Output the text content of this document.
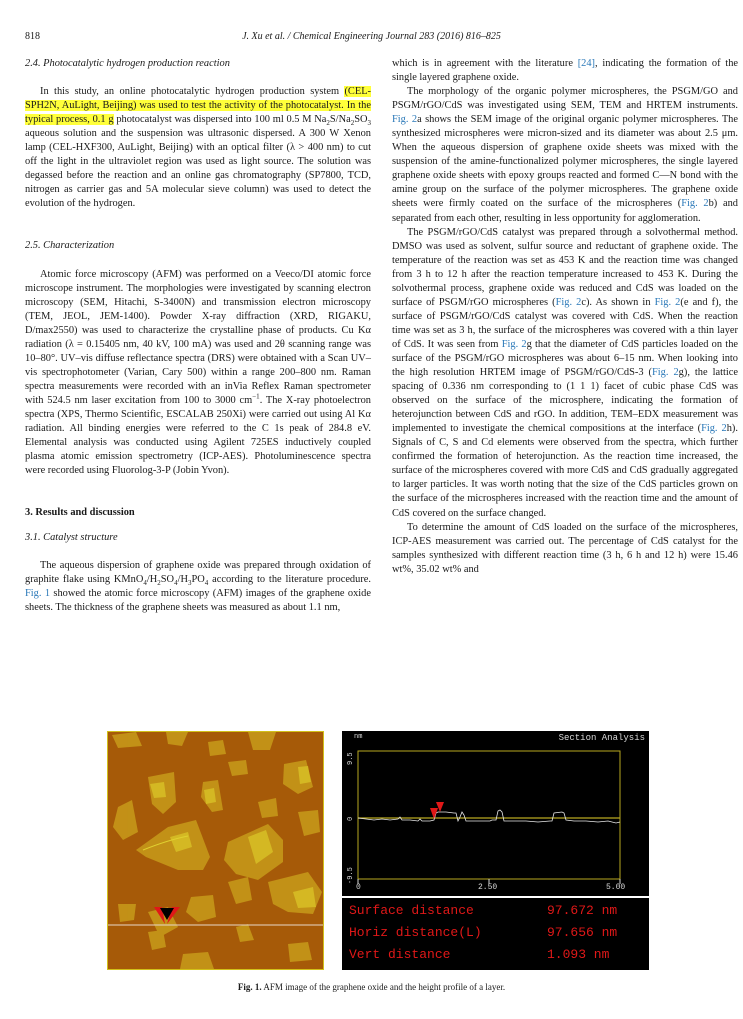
818	J. Xu et al. / Chemical Engineering Journal 283 (2016) 816–825

2.4. Photocatalytic hydrogen production reaction

In this study, an online photocatalytic hydrogen production system (CEL-SPH2N, AuLight, Beijing) was used to test the activity of the photocatalyst. In the typical process, 0.1 g photocatalyst was dispersed into 100 ml 0.5 M $Na_2S/Na_2SO_3$ aqueous solution and the suspension was ultrasonic dispersed. A 300 W Xenon lamp (CEL-HXF300, AuLight, Beijing) with an optical filter (λ > 400 nm) to cut off the light in the ultraviolet region was used as light source. The solution was degassed before the reaction and an online gas chromatography (SP7800, TCD, nitrogen as carrier gas and 5A molecular sieve column) was used to detect the evolution of the hydrogen.

2.5. Characterization

Atomic force microscopy (AFM) was performed on a Veeco/DI atomic force microscope instrument. The morphologies were investigated by scanning electron microscopy (SEM, Hitachi, S-3400N) and transmission electron microscopy (TEM, JEOL, JEM-1400). Powder X-ray diffraction (XRD, RIGAKU, D/max2550) was used to characterize the crystalline phase of products. Cu Kα radiation (λ = 0.15405 nm, 40 kV, 100 mA) was used and 2θ scanning range was 10–80°. UV–vis diffuse reflectance spectra (DRS) were obtained with a Scan UV–vis spectrophotometer (Varian, Cary 500) within a range 200–800 nm. Raman spectra measurements were recorded with an inVia Reflex Raman spectrometer with 524.5 nm laser excitation from 100 to 3000 $cm^{-1}$. The X-ray photoelectron spectra (XPS, Thermo Scientific, ESCALAB 250Xi) were carried out using Al Kα radiation. All binding energies were referred to the C 1s peak of 284.8 eV. Elemental analysis was conducted using Agilent 725ES inductively coupled plasma atomic emission spectrometry (ICP-AES). Photoluminescence spectra were recorded using Fluorolog-3-P (Jobin Yvon).

3. Results and discussion

3.1. Catalyst structure

The aqueous dispersion of graphene oxide was prepared through oxidation of graphite flake using $KMnO_4/H_2SO_4/H_3PO_4$ according to the literature procedure. Fig. 1 showed the atomic force microscopy (AFM) images of the graphene oxide sheets. The thickness of the graphene sheets was measured as about 1.1 nm,

which is in agreement with the literature [24], indicating the formation of the single layered graphene oxide.

The morphology of the organic polymer microspheres, the PSGM/GO and PSGM/rGO/CdS was investigated using SEM, TEM and HRTEM instruments. Fig. 2a shows the SEM image of the original organic polymer microspheres. The synthesized microspheres were micron-sized and its diameter was about 2.5 μm. When the aqueous dispersion of graphene oxide sheets was mixed with the suspension of the amine-functionalized polymer microspheres, the single layered graphene oxide sheets with epoxy groups reacted and formed C—N bond with the amine group on the surface of the polymer microspheres. The graphene oxide sheets were firmly coated on the surface of the microspheres (Fig. 2b) and separated from each other, resulting in less opportunity for agglomeration.

The PSGM/rGO/CdS catalyst was prepared through a solvothermal method. DMSO was used as solvent, sulfur source and reductant of graphene oxide. The temperature of the reaction was set as 453 K and the reaction time was changed from 3 h to 12 h after the reaction temperature increased to 453 K. During the solvothermal process, graphene oxide was reduced and CdS was loaded on the surface of PSGM/rGO microspheres (Fig. 2c). As shown in Fig. 2(e and f), the surface of PSGM/rGO/CdS catalyst was covered with CdS. When the reaction time was set as 3 h, the surface of the microspheres was covered with a thin layer of CdS. It was seen from Fig. 2g that the diameter of CdS particles loaded on the surface of the PSGM/rGO microspheres was about 6–15 nm. When looking into the high resolution HRTEM image of PSGM/rGO/CdS-3 (Fig. 2g), the lattice spacing of 0.336 nm corresponding to (1 1 1) facet of cubic phase CdS was observed on the surface of the microsphere, indicating the formation of heterojunction between CdS and rGO. In addition, TEM–EDX measurement was implemented to investigate the chemical compositions at the interface (Fig. 2h). Signals of C, S and Cd elements were observed from the spectra, which further confirmed the formation of heterojunction. As the reaction time increased, the surface of the microspheres covered with more CdS and CdS gradually aggregated to larger particles. It was worth noting that the size of the CdS particles grown on the surface of the microspheres increased with the reaction time and the amount of CdS covered on the surface changed.

To determine the amount of CdS loaded on the surface of the microspheres, ICP-AES measurement was carried out. The percentage of CdS catalyst for the samples synthesized with different reaction time (3 h, 6 h and 12 h) were 15.46 wt%, 35.02 wt% and

nm	Section Analysis
9.5
0
-9.5
0	2.50	5.00
Surface distance	97.672 nm
Horiz distance(L)	97.656 nm
Vert distance	1.093 nm
Fig. 1. AFM image of the graphene oxide and the height profile of a layer.
